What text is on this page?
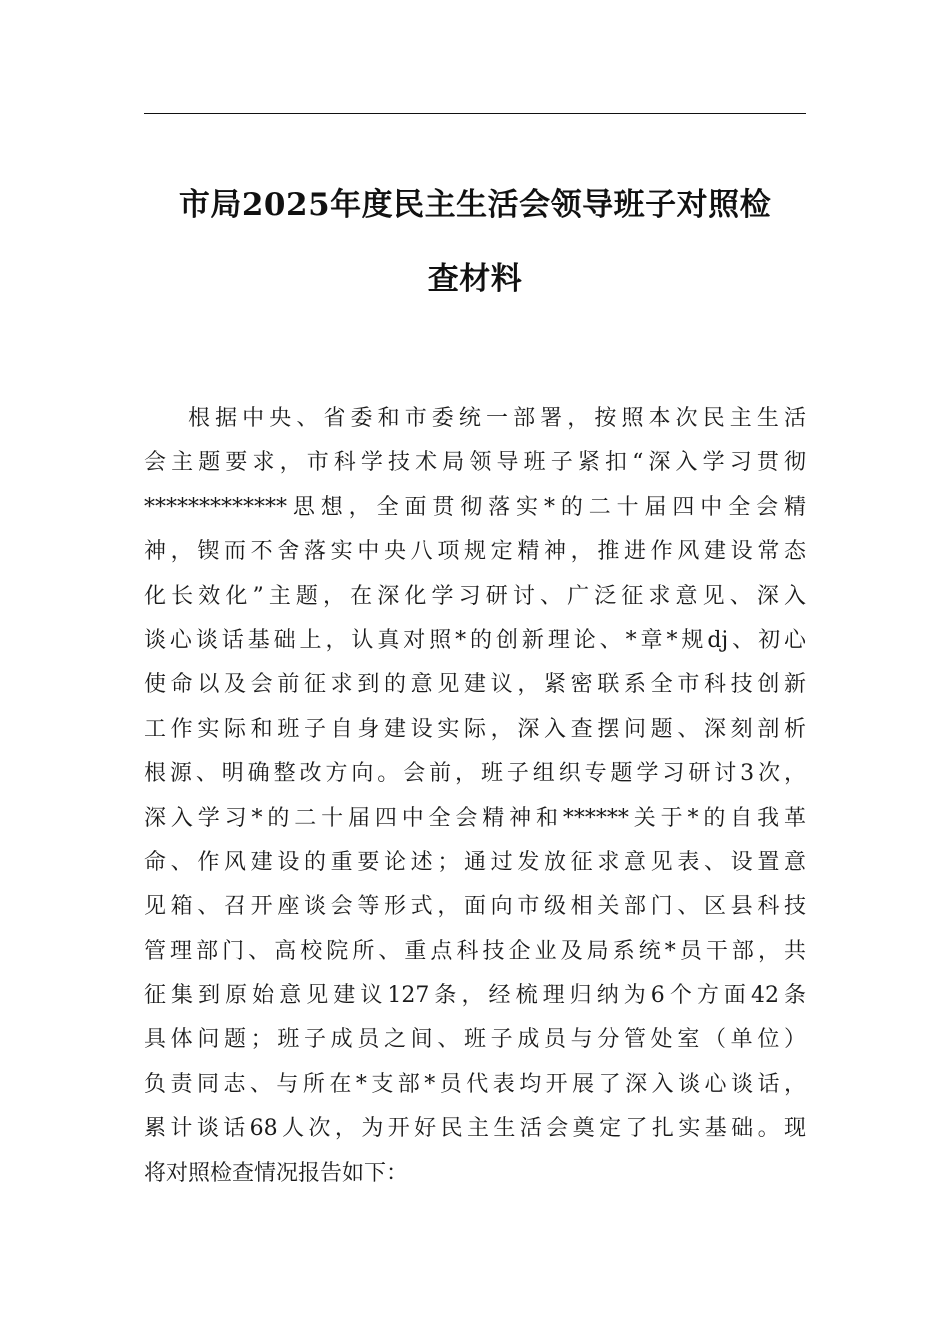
市局2025年度民主生活会领导班子对照检
查材料
根据中央、省委和市委统一部署，按照本次民主生活
会主题要求，市科学技术局领导班子紧扣“深入学习贯彻
*************思想，全面贯彻落实*的二十届四中全会精
神，锲而不舍落实中央八项规定精神，推进作风建设常态
化长效化”主题，在深化学习研讨、广泛征求意见、深入
谈心谈话基础上，认真对照*的创新理论、*章*规dj、初心
使命以及会前征求到的意见建议，紧密联系全市科技创新
工作实际和班子自身建设实际，深入查摆问题、深刻剖析
根源、明确整改方向。会前，班子组织专题学习研讨3次，
深入学习*的二十届四中全会精神和******关于*的自我革
命、作风建设的重要论述；通过发放征求意见表、设置意
见箱、召开座谈会等形式，面向市级相关部门、区县科技
管理部门、高校院所、重点科技企业及局系统*员干部，共
征集到原始意见建议127条，经梳理归纳为6个方面42条
具体问题；班子成员之间、班子成员与分管处室（单位）
负责同志、与所在*支部*员代表均开展了深入谈心谈话，
累计谈话68人次，为开好民主生活会奠定了扎实基础。现
将对照检查情况报告如下：
